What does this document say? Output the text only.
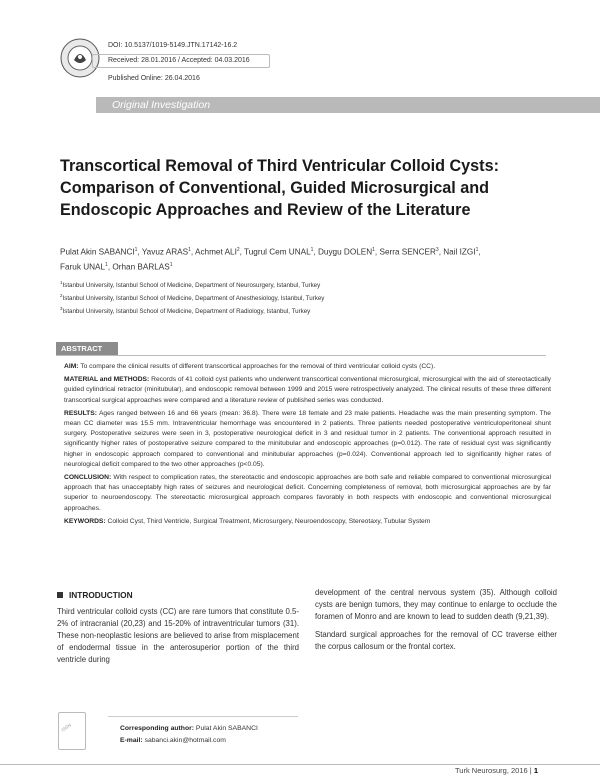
DOI: 10.5137/1019-5149.JTN.17142-16.2
Received: 28.01.2016 / Accepted: 04.03.2016
Published Online: 26.04.2016
Original Investigation
Transcortical Removal of Third Ventricular Colloid Cysts: Comparison of Conventional, Guided Microsurgical and Endoscopic Approaches and Review of the Literature
Pulat Akin SABANCI$^1$, Yavuz ARAS$^1$, Achmet ALI$^2$, Tugrul Cem UNAL$^1$, Duygu DOLEN$^1$, Serra SENCER$^3$, Nail IZGI$^1$,
Faruk UNAL$^1$, Orhan BARLAS$^1$
$^1$Istanbul University, Istanbul School of Medicine, Department of Neurosurgery, Istanbul, Turkey
$^2$Istanbul University, Istanbul School of Medicine, Department of Anesthesiology, Istanbul, Turkey
$^3$Istanbul University, Istanbul School of Medicine, Department of Radiology, Istanbul, Turkey
ABSTRACT

AIM: To compare the clinical results of different transcortical approaches for the removal of third ventricular colloid cysts (CC).

MATERIAL and METHODS: Records of 41 colloid cyst patients who underwent transcortical conventional microsurgical, microsurgical with the aid of stereotactically guided cylindrical retractor (minitubular), and endoscopic removal between 1999 and 2015 were retrospectively analyzed. The clinical results of these three different transcortical surgical approaches were compared and a literature review of published series was conducted.

RESULTS: Ages ranged between 16 and 66 years (mean: 36.8). There were 18 female and 23 male patients. Headache was the main presenting symptom. The mean CC diameter was 15.5 mm. Intraventricular hemorrhage was encountered in 2 patients. Three patients needed postoperative ventriculoperitoneal shunt surgery. Postoperative seizures were seen in 3, postoperative neurological deficit in 3 and residual tumor in 2 patients. The conventional approach resulted in significantly higher rates of postoperative seizure compared to the minitubular and endoscopic approaches (p=0.012). The rate of residual cyst was significantly higher in endoscopic approach compared to conventional and minitubular approaches (p=0.024). Conventional approach led to significantly higher rates of neurological deficit compared to the two other approaches (p<0.05).

CONCLUSION: With respect to complication rates, the stereotactic and endoscopic approaches are both safe and reliable compared to conventional microsurgical approach that has unacceptably high rates of seizures and neurological deficit. Concerning completeness of removal, both microsurgical approaches are by far superior to neuroendoscopy. The stereotactic microsurgical approach compares favorably in both respects with endoscopic and conventional microsurgical approaches.

KEYWORDS: Colloid Cyst, Third Ventricle, Surgical Treatment, Microsurgery, Neuroendoscopy, Stereotaxy, Tubular System

INTRODUCTION
Third ventricular colloid cysts (CC) are rare tumors that constitute 0.5-2% of intracranial (20,23) and 15-20% of intraventricular tumors (31). These non-neoplastic lesions are believed to arise from misplacement of endodermal tissue in the anterosuperior portion of the third ventricle during

development of the central nervous system (35). Although colloid cysts are benign tumors, they may continue to enlarge to occlude the foramen of Monro and are known to lead to sudden death (9,21,39).

Standard surgical approaches for the removal of CC traverse either the corpus callosum or the frontal cortex.

ISSN	Corresponding author: Pulat Akin SABANCI
E-mail: sabanci.akin@hotmail.com
Turk Neurosurg, 2016 | 1
